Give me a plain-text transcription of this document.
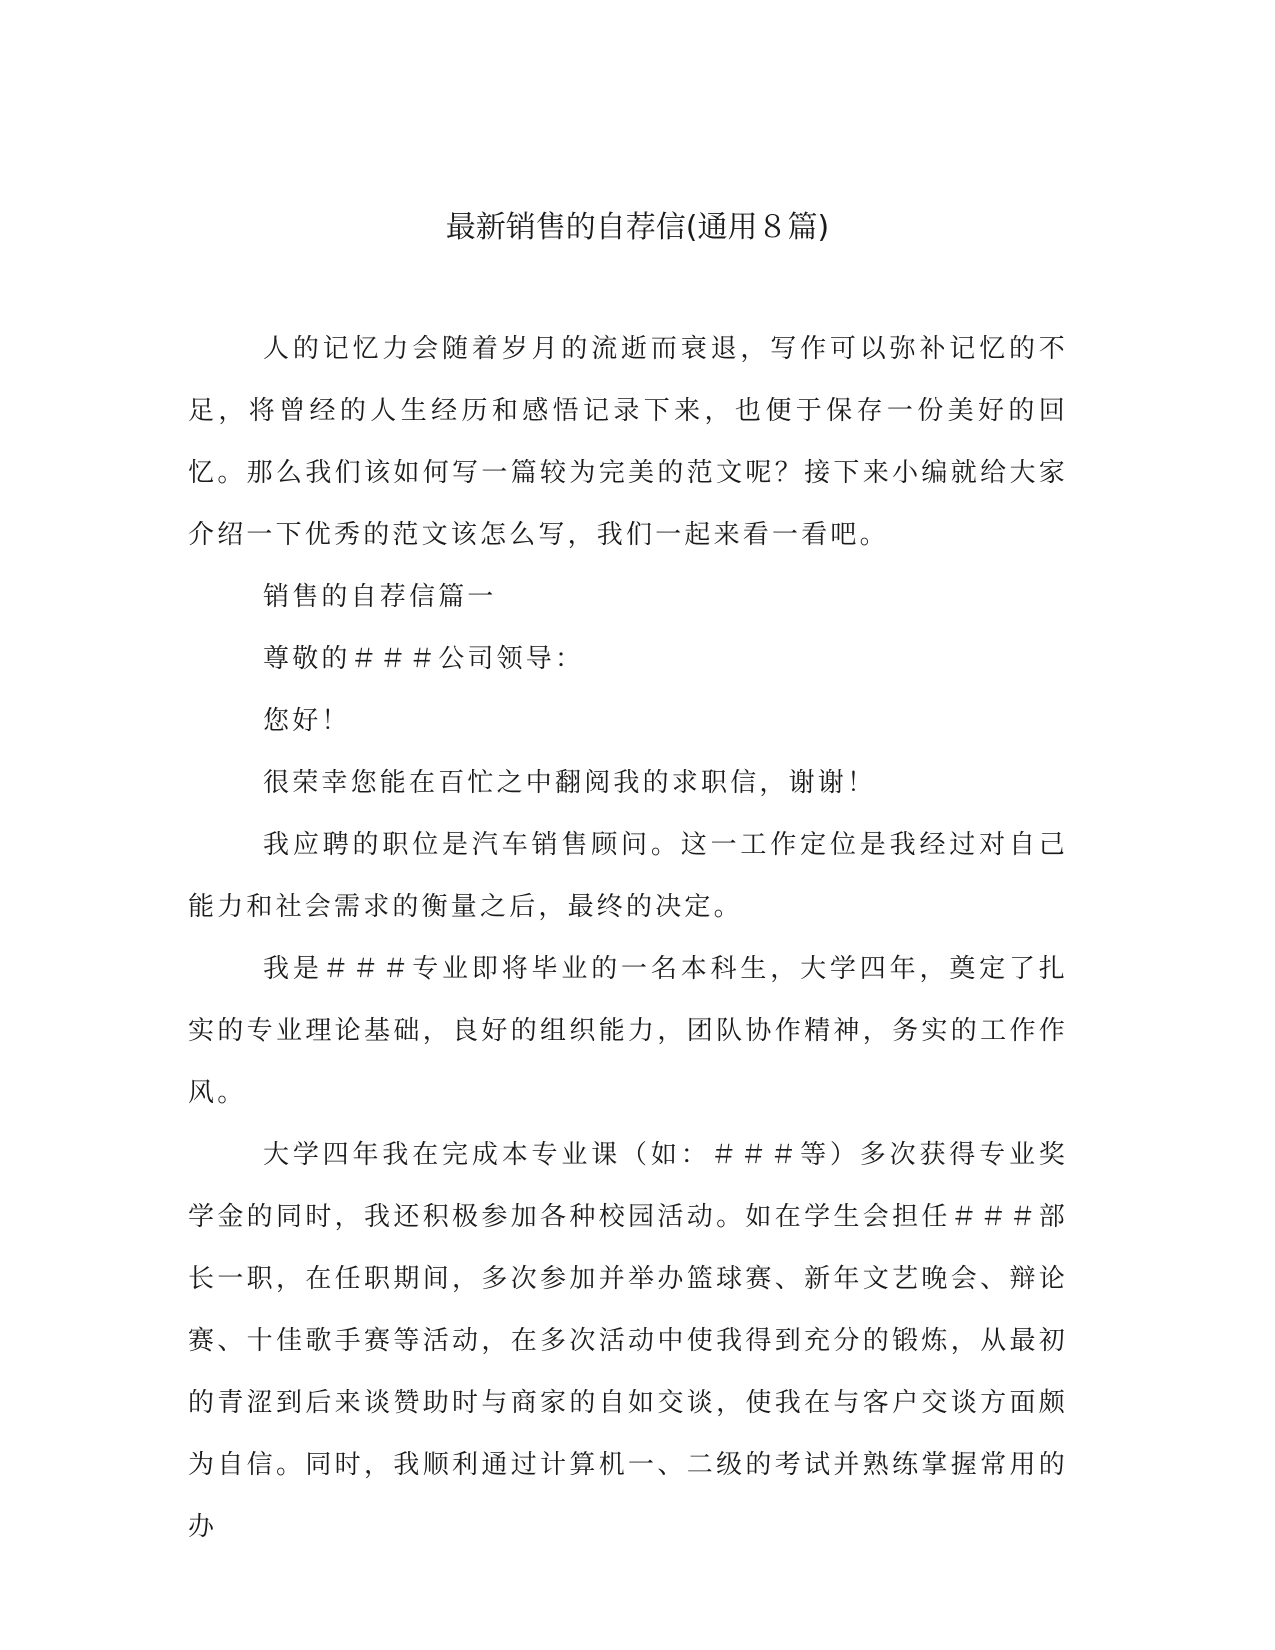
最新销售的自荐信(通用８篇)

人的记忆力会随着岁月的流逝而衰退，写作可以弥补记忆的不足，将曾经的人生经历和感悟记录下来，也便于保存一份美好的回忆。那么我们该如何写一篇较为完美的范文呢？接下来小编就给大家介绍一下优秀的范文该怎么写，我们一起来看一看吧。

销售的自荐信篇一

尊敬的＃＃＃公司领导：

您好！

很荣幸您能在百忙之中翻阅我的求职信，谢谢！

我应聘的职位是汽车销售顾问。这一工作定位是我经过对自己能力和社会需求的衡量之后，最终的决定。

我是＃＃＃专业即将毕业的一名本科生，大学四年，奠定了扎实的专业理论基础，良好的组织能力，团队协作精神，务实的工作作风。

大学四年我在完成本专业课（如：＃＃＃等）多次获得专业奖学金的同时，我还积极参加各种校园活动。如在学生会担任＃＃＃部长一职，在任职期间，多次参加并举办篮球赛、新年文艺晚会、辩论赛、十佳歌手赛等活动，在多次活动中使我得到充分的锻炼，从最初的青涩到后来谈赞助时与商家的自如交谈，使我在与客户交谈方面颇为自信。同时，我顺利通过计算机一、二级的考试并熟练掌握常用的办
